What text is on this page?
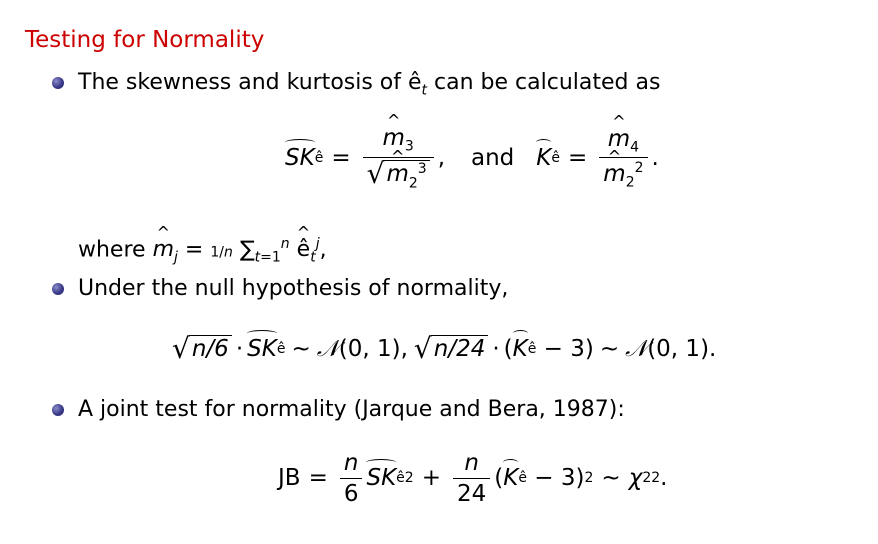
Testing for Normality
The skewness and kurtosis of $ê_t$ can be calculated as
SK ê =
^ $m_3$
√
^ $m_2^3$ , and K ê =
^ $m_4$
^ $m_2^2$ .
where ^ $m_j = 1/n$ $\sum_{t=1}^n$ ^ $ê_t^j$,
Under the null hypothesis of normality,
√ n/6 · SK ê ∼ 𝒩 (0, 1), √ n/24 · ( K ê − 3) ∼ 𝒩 (0, 1).
A joint test for normality (Jarque and Bera, 1987):
JB = $\frac{n}{6}$ SK ê $2 + \frac{n}{24}$ ( K ê − 3) 2 ∼ χ 2 2 .
